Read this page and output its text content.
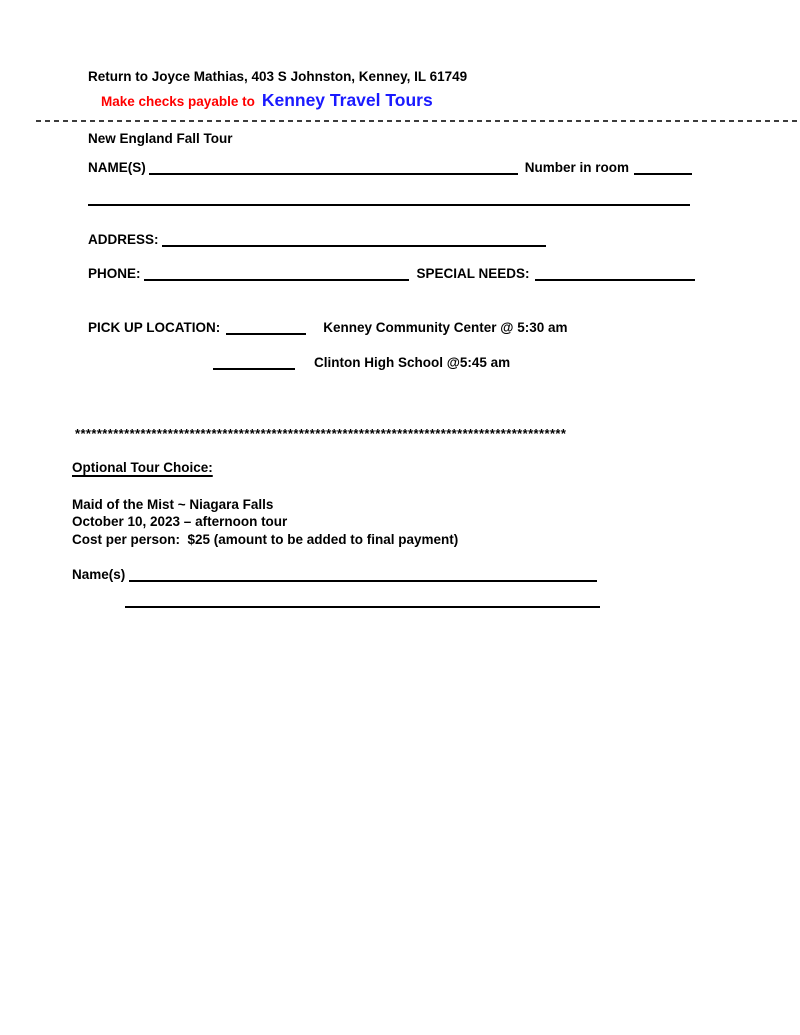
Return to Joyce Mathias, 403 S Johnston, Kenney, IL 61749
Make checks payable to Kenney Travel Tours
New England Fall Tour
NAME(S)	Number in room
ADDRESS:
PHONE:	SPECIAL NEEDS:
PICK UP LOCATION:	Kenney Community Center @ 5:30 am
Clinton High School @5:45 am
******************************************************************************************
Optional Tour Choice:
Maid of the Mist ~ Niagara Falls
October 10, 2023 – afternoon tour
Cost per person:  $25 (amount to be added to final payment)
Name(s)
